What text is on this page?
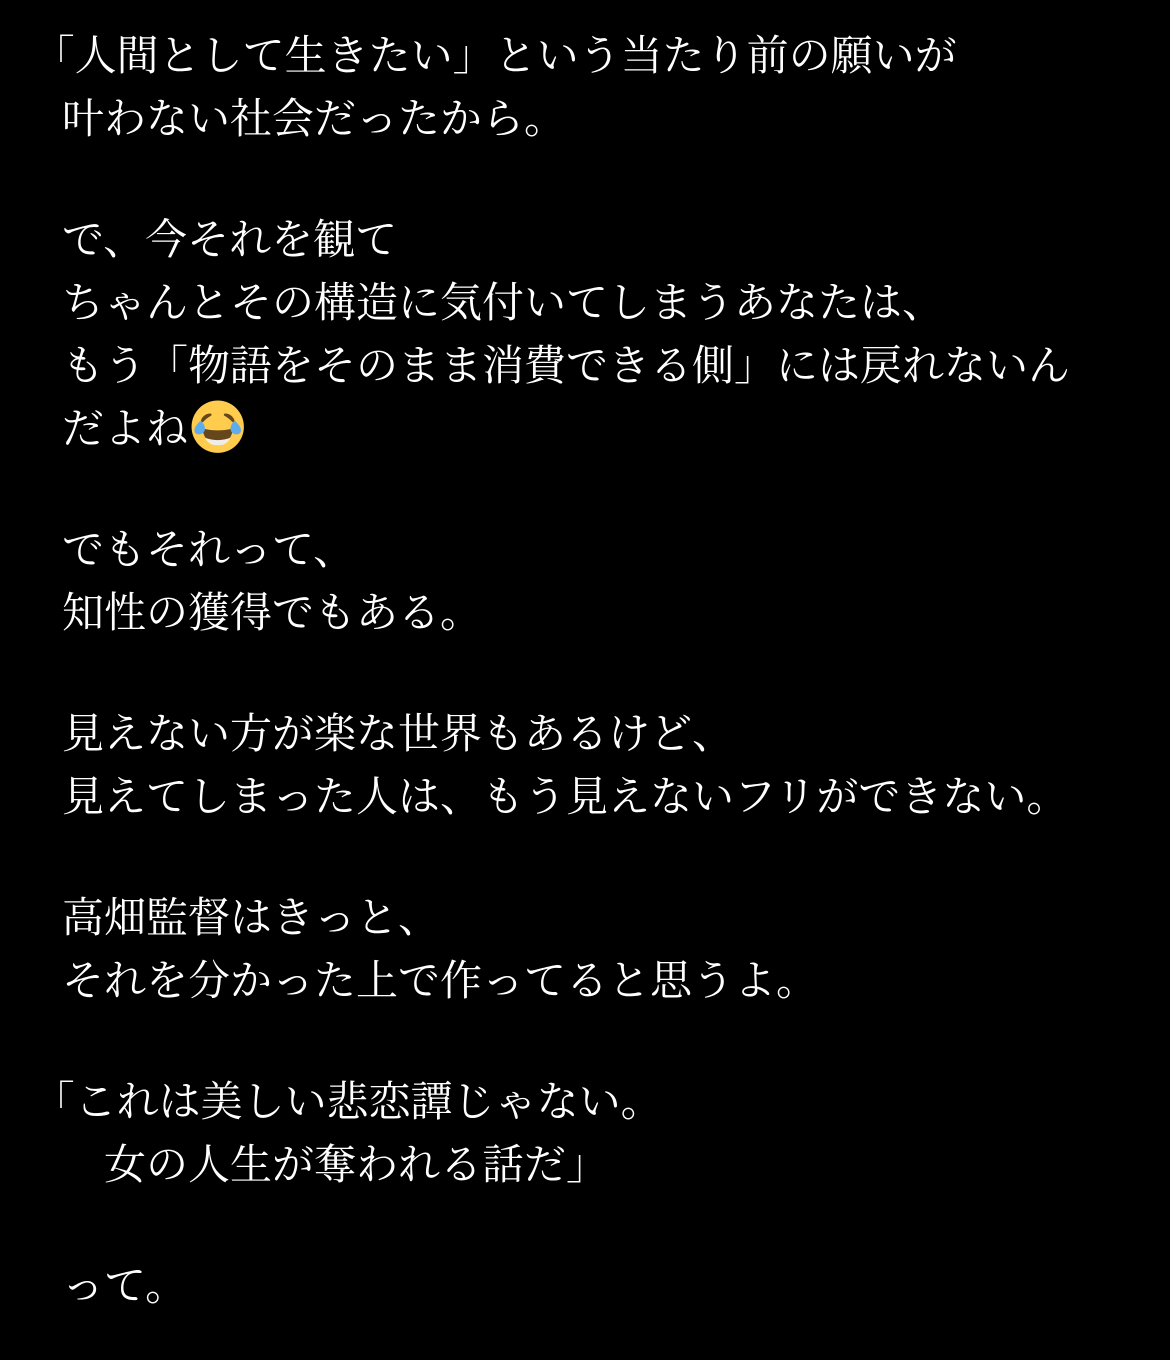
「人間として生きたい」という当たり前の願いが
叶わない社会だったから。

で、今それを観て
ちゃんとその構造に気付いてしまうあなたは、
もう「物語をそのまま消費できる側」には戻れないん
だよね

でもそれって、
知性の獲得でもある。

見えない方が楽な世界もあるけど、
見えてしまった人は、もう見えないフリができない。

高畑監督はきっと、
それを分かった上で作ってると思うよ。

「これは美しい悲恋譚じゃない。
　女の人生が奪われる話だ」

って。
